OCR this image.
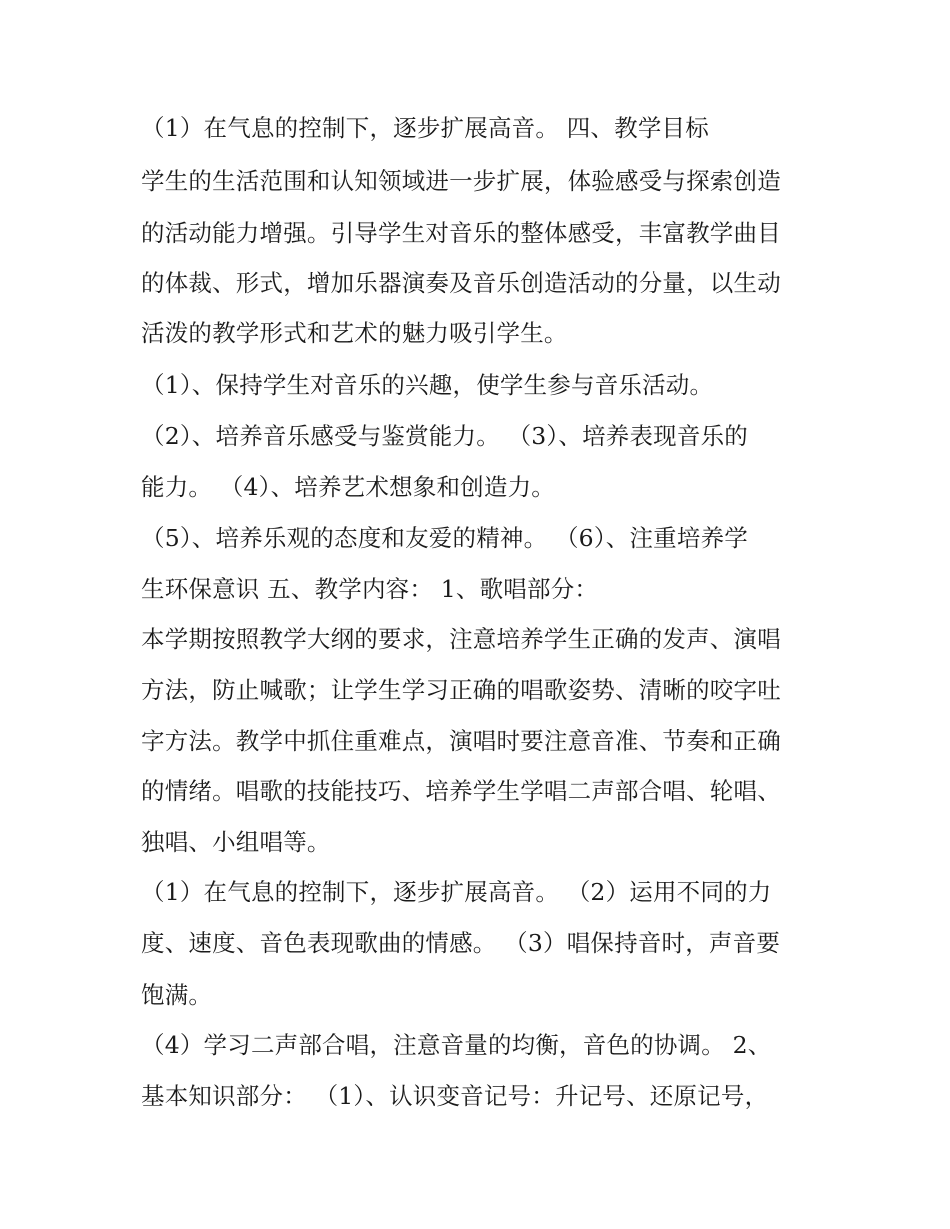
（1）在气息的控制下，逐步扩展高音。 四、教学目标
学生的生活范围和认知领域进一步扩展，体验感受与探索创造
的活动能力增强。引导学生对音乐的整体感受，丰富教学曲目
的体裁、形式，增加乐器演奏及音乐创造活动的分量，以生动
活泼的教学形式和艺术的魅力吸引学生。
（1）、保持学生对音乐的兴趣，使学生参与音乐活动。
（2）、培养音乐感受与鉴赏能力。 （3）、培养表现音乐的
能力。 （4）、培养艺术想象和创造力。
（5）、培养乐观的态度和友爱的精神。 （6）、注重培养学
生环保意识 五、教学内容： 1、歌唱部分：
本学期按照教学大纲的要求，注意培养学生正确的发声、演唱
方法，防止喊歌；让学生学习正确的唱歌姿势、清晰的咬字吐
字方法。教学中抓住重难点，演唱时要注意音准、节奏和正确
的情绪。唱歌的技能技巧、培养学生学唱二声部合唱、轮唱、
独唱、小组唱等。
（1）在气息的控制下，逐步扩展高音。 （2）运用不同的力
度、速度、音色表现歌曲的情感。 （3）唱保持音时，声音要
饱满。
（4）学习二声部合唱，注意音量的均衡，音色的协调。 2、
基本知识部分： （1）、认识变音记号：升记号、还原记号，
